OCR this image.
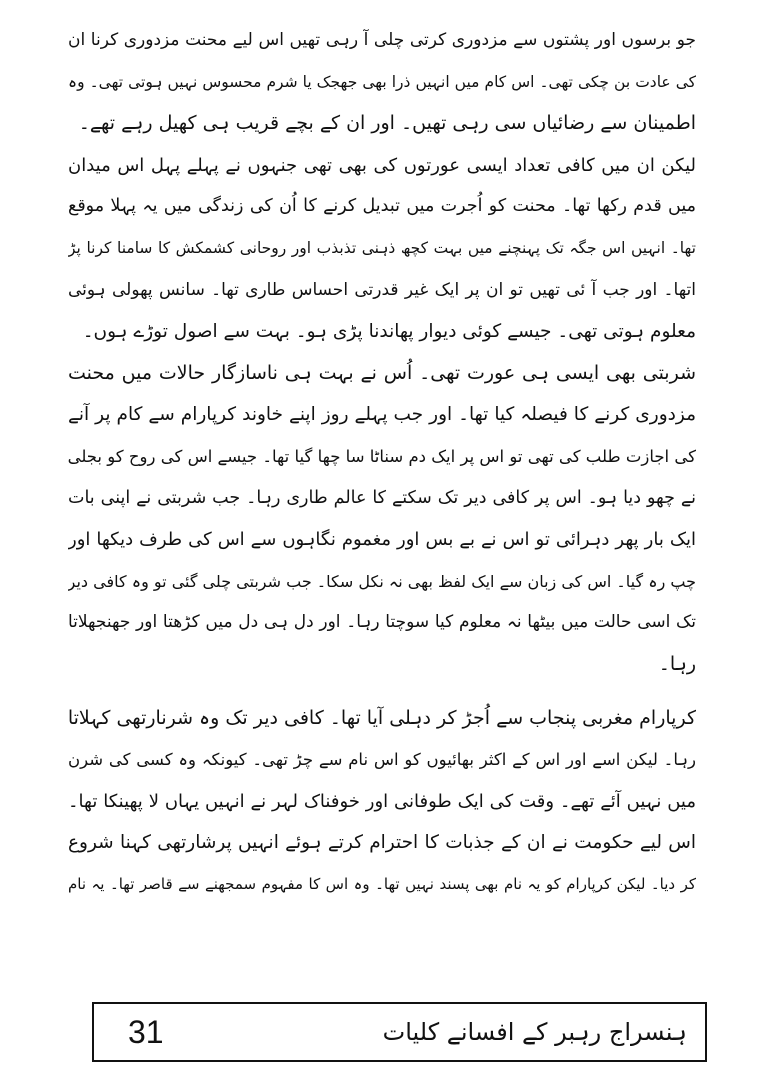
جو برسوں اور پشتوں سے مزدوری کرتی چلی آ رہی تھیں اس لیے محنت مزدوری کرنا ان
کی عادت بن چکی تھی۔ اس کام میں انہیں ذرا بھی جھجک یا شرم محسوس نہیں ہوتی تھی۔ وہ
اطمینان سے رضائیاں سی رہی تھیں۔ اور ان کے بچے قریب ہی کھیل رہے تھے۔
لیکن ان میں کافی تعداد ایسی عورتوں کی بھی تھی جنہوں نے پہلے پہل اس میدان
میں قدم رکھا تھا۔ محنت کو اُجرت میں تبدیل کرنے کا اُن کی زندگی میں یہ پہلا موقع
تھا۔ انہیں اس جگہ تک پہنچنے میں بہت کچھ ذہنی تذبذب اور روحانی کشمکش کا سامنا کرنا پڑ
اتھا۔ اور جب آ ئی تھیں تو ان پر ایک غیر قدرتی احساس طاری تھا۔ سانس پھولی ہوئی
معلوم ہوتی تھی۔ جیسے کوئی دیوار پھاندنا پڑی ہو۔ بہت سے اصول توڑے ہوں۔
شربتی بھی ایسی ہی عورت تھی۔ اُس نے بہت ہی ناسازگار حالات میں محنت
مزدوری کرنے کا فیصلہ کیا تھا۔ اور جب پہلے روز اپنے خاوند کرپارام سے کام پر آنے
کی اجازت طلب کی تھی تو اس پر ایک دم سناٹا سا چھا گیا تھا۔ جیسے اس کی روح کو بجلی
نے چھو دیا ہو۔ اس پر کافی دیر تک سکتے کا عالم طاری رہا۔ جب شربتی نے اپنی بات
ایک بار پھر دہرائی تو اس نے بے بس اور مغموم نگاہوں سے اس کی طرف دیکھا اور
چپ رہ گیا۔ اس کی زبان سے ایک لفظ بھی نہ نکل سکا۔ جب شربتی چلی گئی تو وہ کافی دیر
تک اسی حالت میں بیٹھا نہ معلوم کیا سوچتا رہا۔ اور دل ہی دل میں کڑھتا اور جھنجھلاتا
رہا۔
کرپارام مغربی پنجاب سے اُجڑ کر دہلی آیا تھا۔ کافی دیر تک وہ شرنارتھی کہلاتا
رہا۔ لیکن اسے اور اس کے اکثر بھائیوں کو اس نام سے چڑ تھی۔ کیونکہ وہ کسی کی شرن
میں نہیں آئے تھے۔ وقت کی ایک طوفانی اور خوفناک لہر نے انہیں یہاں لا پھینکا تھا۔
اس لیے حکومت نے ان کے جذبات کا احترام کرتے ہوئے انہیں پرشارتھی کہنا شروع
کر دیا۔ لیکن کرپارام کو یہ نام بھی پسند نہیں تھا۔ وہ اس کا مفہوم سمجھنے سے قاصر تھا۔ یہ نام
31	ہنسراج رہبر کے افسانے کلیات
